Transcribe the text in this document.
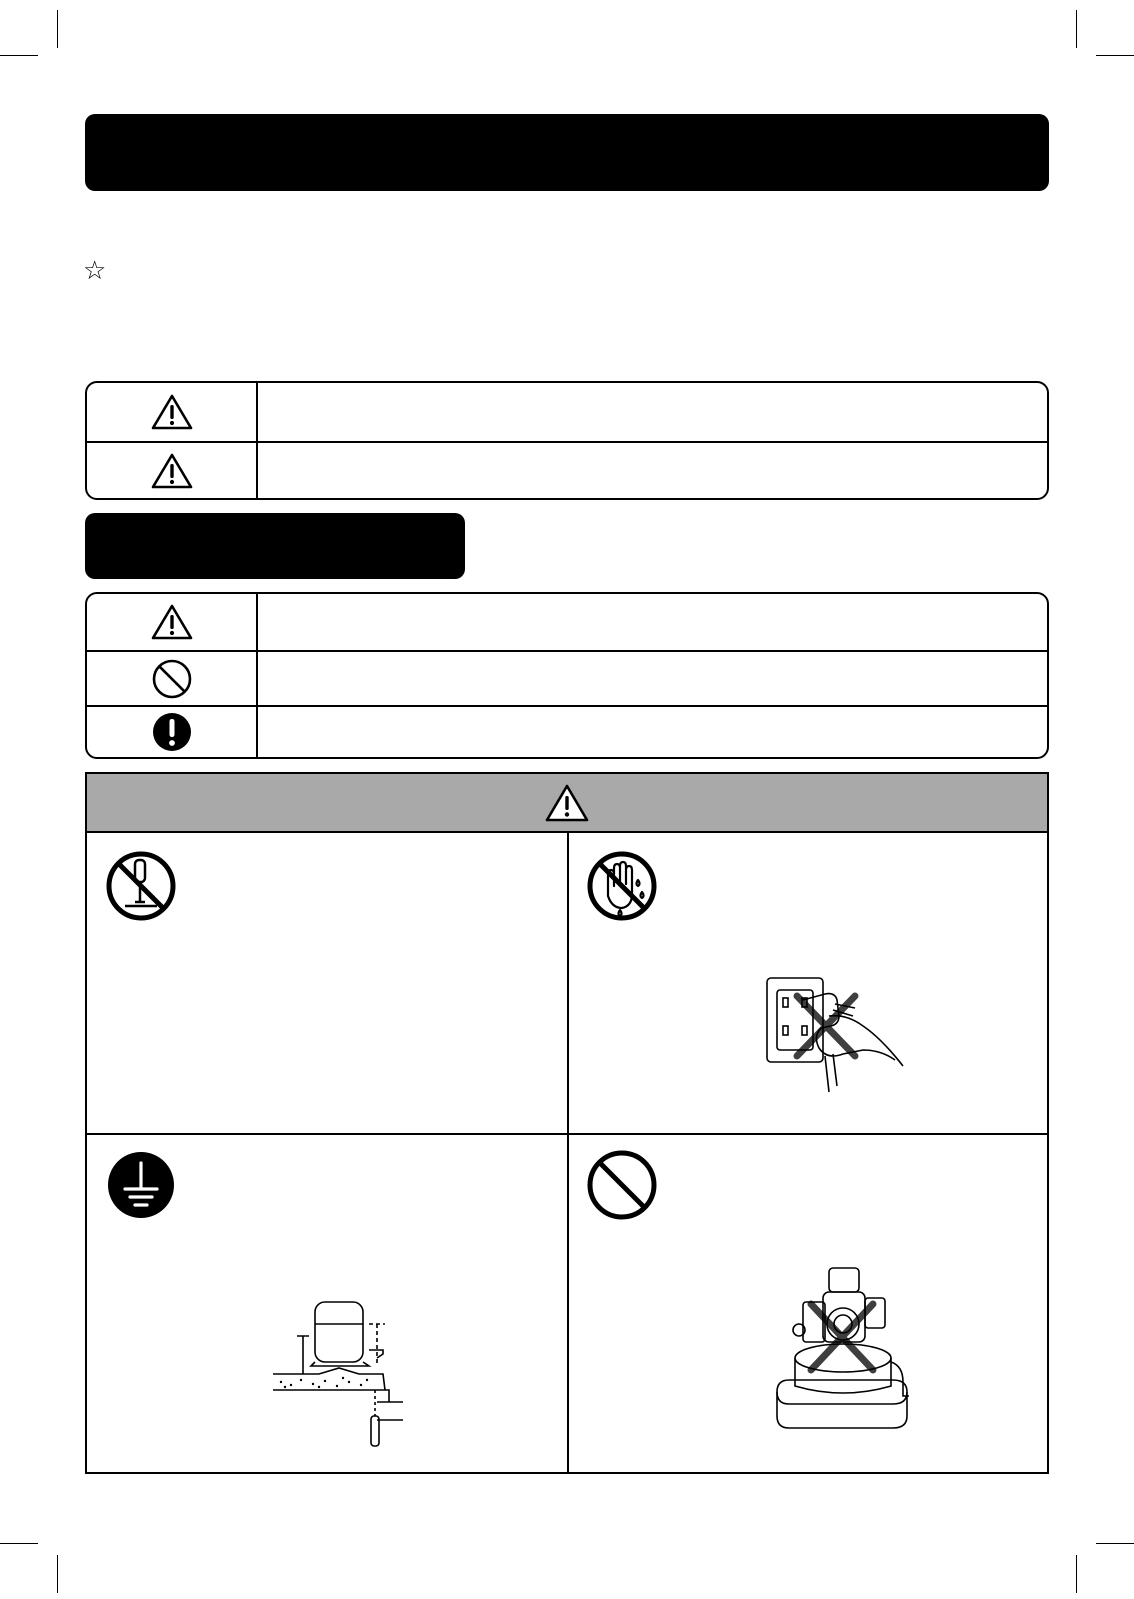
☆
